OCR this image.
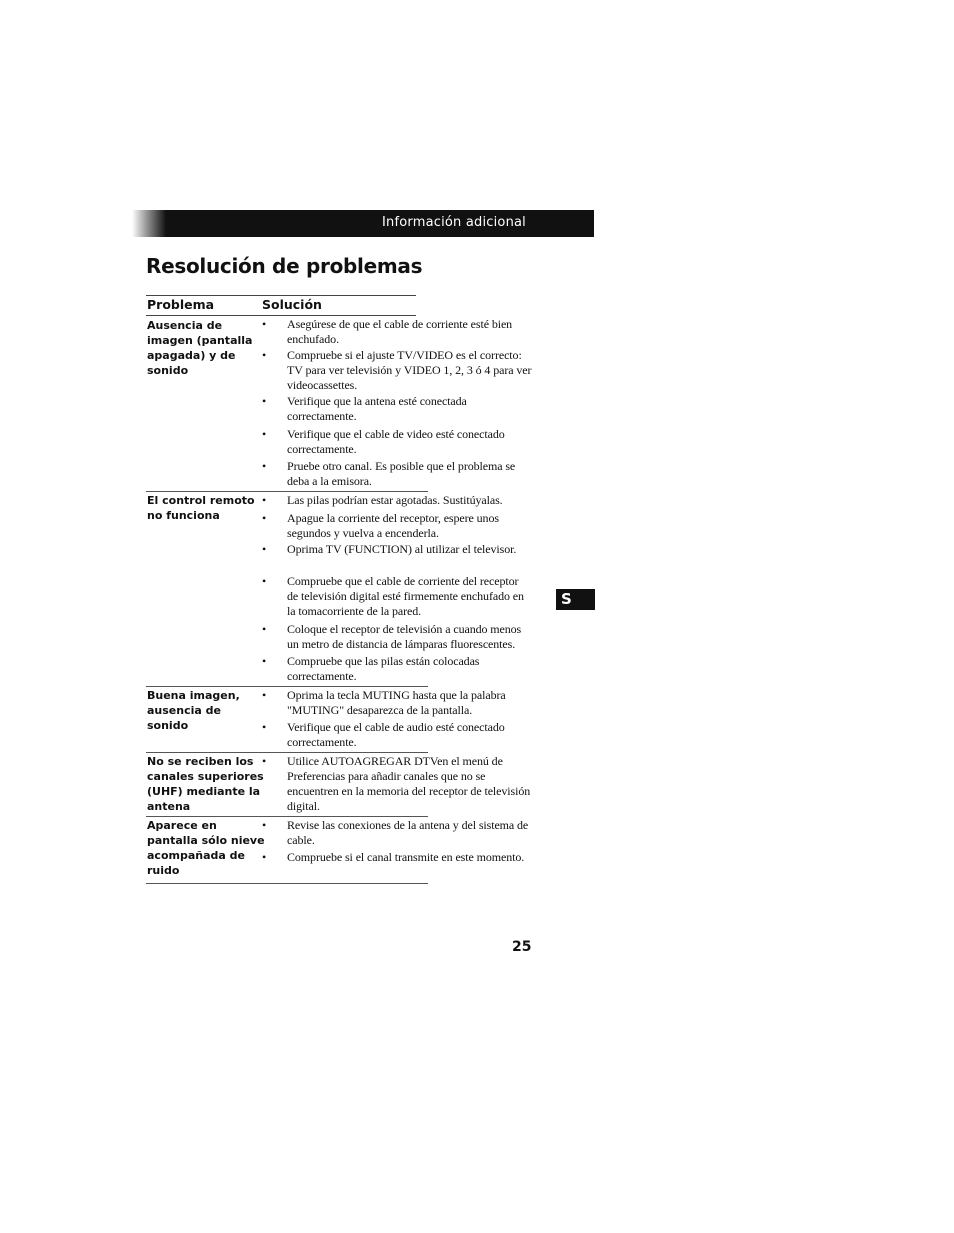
Información adicional
Resolución de problemas
Problema	Solución
Ausencia de imagen (pantalla apagada) y de sonido
• Asegúrese de que el cable de corriente esté bien enchufado.
• Compruebe si el ajuste TV/VIDEO es el correcto: TV para ver televisión y VIDEO 1, 2, 3 ó 4 para ver videocassettes.
• Verifique que la antena esté conectada correctamente.
• Verifique que el cable de video esté conectado correctamente.
• Pruebe otro canal. Es posible que el problema se deba a la emisora.
El control remoto no funciona
• Las pilas podrían estar agotadas. Sustitúyalas.
• Apague la corriente del receptor, espere unos segundos y vuelva a encenderla.
• Oprima TV (FUNCTION) al utilizar el televisor.
• Compruebe que el cable de corriente del receptor de televisión digital esté firmemente enchufado en la tomacorriente de la pared.
• Coloque el receptor de televisión a cuando menos un metro de distancia de lámparas fluorescentes.
• Compruebe que las pilas están colocadas correctamente.
Buena imagen, ausencia de sonido
• Oprima la tecla MUTING hasta que la palabra "MUTING" desaparezca de la pantalla.
• Verifique que el cable de audio esté conectado correctamente.
No se reciben los canales superiores (UHF) mediante la antena
• Utilice AUTOAGREGAR DTVen el menú de Preferencias para añadir canales que no se encuentren en la memoria del receptor de televisión digital.
Aparece en pantalla sólo nieve acompañada de ruido
• Revise las conexiones de la antena y del sistema de cable.
• Compruebe si el canal transmite en este momento.
S
25
